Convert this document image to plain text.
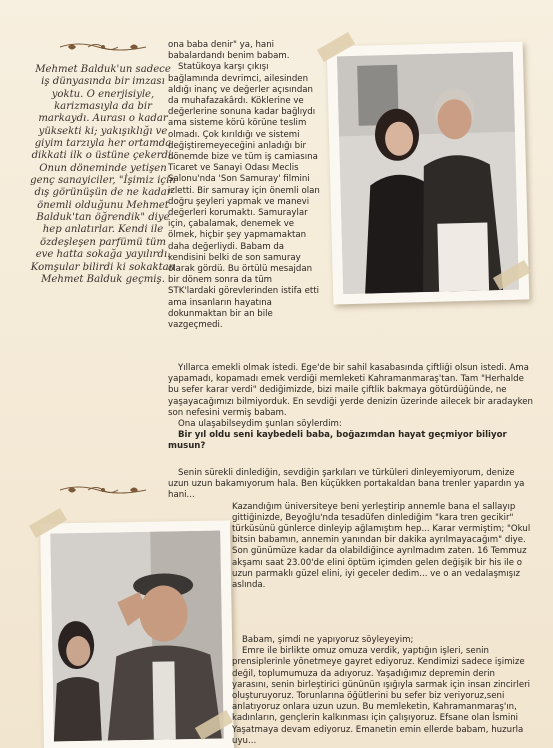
Mehmet Balduk'un sadece iş dünyasında bir imzası yoktu. O enerjisiyle, karizmasıyla da bir markaydı. Aurası o kadar yüksekti ki; yakışıklığı ve giyim tarzıyla her ortamda dikkati ilk o üstüne çekerdi. Onun döneminde yetişen genç sanayiciler, "İşimiz için dış görünüşün de ne kadar önemli olduğunu Mehmet Balduk'tan öğrendik" diye hep anlatırlar. Kendi ile özdeşleşen parfümü tüm eve hatta sokağa yayılırdı. Komşular bilirdi ki sokaktan Mehmet Balduk geçmiş.

ona baba denir" ya, hani babalardandı benim babam.

Statükoya karşı çıkışı bağlamında devrimci, ailesinden aldığı inanç ve değerler açısından da muhafazakârdı. Köklerine ve değerlerine sonuna kadar bağlıydı ama sisteme körü körüne teslim olmadı. Çok kırıldığı ve sistemi değiştiremeyeceğini anladığı bir dönemde bize ve tüm iş camiasına Ticaret ve Sanayi Odası Meclis Salonu'nda 'Son Samuray' filmini izletti. Bir samuray için önemli olan doğru şeyleri yapmak ve manevi değerleri korumaktı. Samuraylar için, çabalamak, denemek ve ölmek, hiçbir şey yapmamaktan daha değerliydi. Babam da kendisini belki de son samuray olarak gördü. Bu örtülü mesajdan bir dönem sonra da tüm STK'lardaki görevlerinden istifa etti ama insanların hayatına dokunmaktan bir an bile vazgeçmedi.

Yıllarca emekli olmak istedi. Ege'de bir sahil kasabasında çiftliği olsun istedi. Ama yapamadı, kopamadı emek verdiği memleketi Kahramanmaraş'tan. Tam "Herhalde bu sefer karar verdi" dediğimizde, bizi maile çiftlik bakmaya götürdüğünde, ne yaşayacağımızı bilmiyorduk. En sevdiği yerde denizin üzerinde ailecek bir aradayken son nefesini vermiş babam.

Ona ulaşabilseydim şunları söylerdim:

Bir yıl oldu seni kaybedeli baba, boğazımdan hayat geçmiyor biliyor musun?

Senin sürekli dinlediğin, sevdiğin şarkıları ve türküleri dinleyemiyorum, denize uzun uzun bakamıyorum hala. Ben küçükken portakaldan bana trenler yapardın ya hani...

Kazandığım üniversiteye beni yerleştirip annemle bana el sallayıp gittiğinizde, Beyoğlu'nda tesadüfen dinlediğim "kara tren gecikir" türküsünü günlerce dinleyip ağlamıştım hep... Karar vermiştim; "Okul bitsin babamın, annemin yanından bir dakika ayrılmayacağım" diye. Son günümüze kadar da olabildiğince ayrılmadım zaten. 16 Temmuz akşamı saat 23.00'de elini öptüm içimden gelen değişik bir his ile o uzun parmaklı güzel elini, iyi geceler dedim... ve o an vedalaşmışız aslında.

Babam, şimdi ne yapıyoruz söyleyeyim;

Emre ile birlikte omuz omuza verdik, yaptığın işleri, senin prensiplerinle yönetmeye gayret ediyoruz. Kendimizi sadece işimize değil, toplumumuza da adıyoruz. Yaşadığımız depremin derin yarasını, senin birleştirici gününün ışığıyla sarmak için insan zincirleri oluşturuyoruz. Torunlarına öğütlerini bu sefer biz veriyoruz,seni anlatıyoruz onlara uzun uzun. Bu memleketin, Kahramanmaraş'ın, kadınların, gençlerin kalkınması için çalışıyoruz. Efsane olan İsmini Yaşatmaya devam ediyoruz. Emanetin emin ellerde babam, huzurla uyu...
